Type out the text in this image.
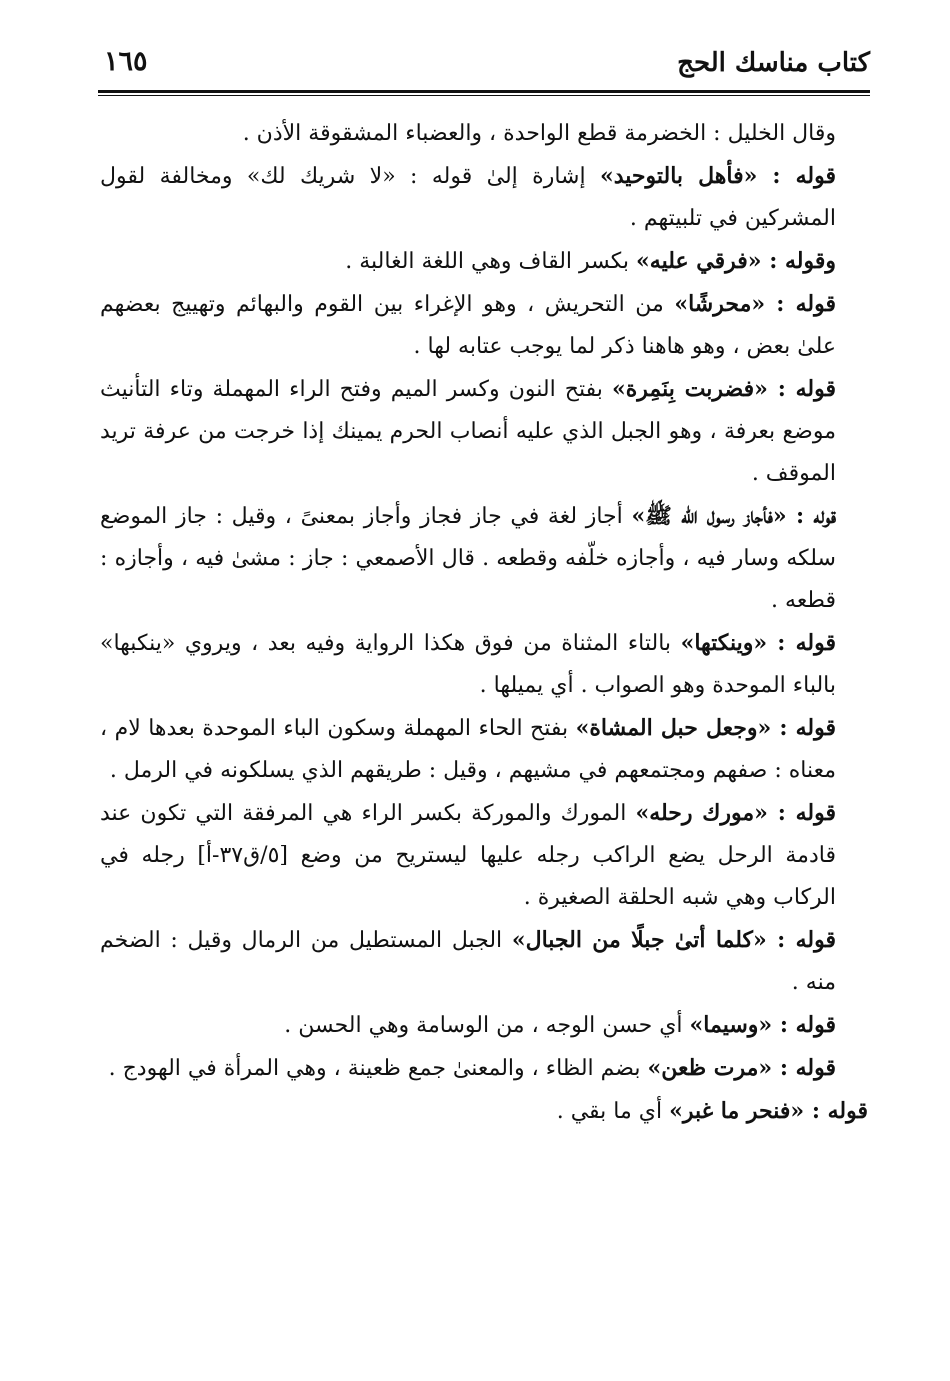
كتاب مناسك الحج
١٦٥

وقال الخليل : الخضرمة قطع الواحدة ، والعضباء المشقوقة الأذن .

قوله : «فأهل بالتوحيد» إشارة إلىٰ قوله : «لا شريك لك» ومخالفة لقول المشركين في تلبيتهم .

وقوله : «فرقي عليه» بكسر القاف وهي اللغة الغالبة .

قوله : «محرشًا» من التحريش ، وهو الإغراء بين القوم والبهائم وتهييج بعضهم علىٰ بعض ، وهو هاهنا ذكر لما يوجب عتابه لها .

قوله : «فضربت بِنَمِرة» بفتح النون وكسر الميم وفتح الراء المهملة وتاء التأنيث موضع بعرفة ، وهو الجبل الذي عليه أنصاب الحرم يمينك إذا خرجت من عرفة تريد الموقف .

قوله : «فأجاز رسول الله ﷺ» أجاز لغة في جاز فجاز وأجاز بمعنىً ، وقيل : جاز الموضع سلكه وسار فيه ، وأجازه خلّفه وقطعه . قال الأصمعي : جاز : مشىٰ فيه ، وأجازه : قطعه .

قوله : «وينكتها» بالتاء المثناة من فوق هكذا الرواية وفيه بعد ، ويروي «ينكبها» بالباء الموحدة وهو الصواب . أي يميلها .

قوله : «وجعل حبل المشاة» بفتح الحاء المهملة وسكون الباء الموحدة بعدها لام ، معناه : صفهم ومجتمعهم في مشيهم ، وقيل : طريقهم الذي يسلكونه في الرمل .

قوله : «مورك رحله» المورك والموركة بكسر الراء هي المرفقة التي تكون عند قادمة الرحل يضع الراكب رجله عليها ليستريح من وضع [٥/ق٣٧-أ] رجله في الركاب وهي شبه الحلقة الصغيرة .

قوله : «كلما أتىٰ جبلًا من الجبال» الجبل المستطيل من الرمال وقيل : الضخم منه .

قوله : «وسيما» أي حسن الوجه ، من الوسامة وهي الحسن .

قوله : «مرت ظعن» بضم الظاء ، والمعنىٰ جمع ظعينة ، وهي المرأة في الهودج .

قوله : «فنحر ما غبر» أي ما بقي .
